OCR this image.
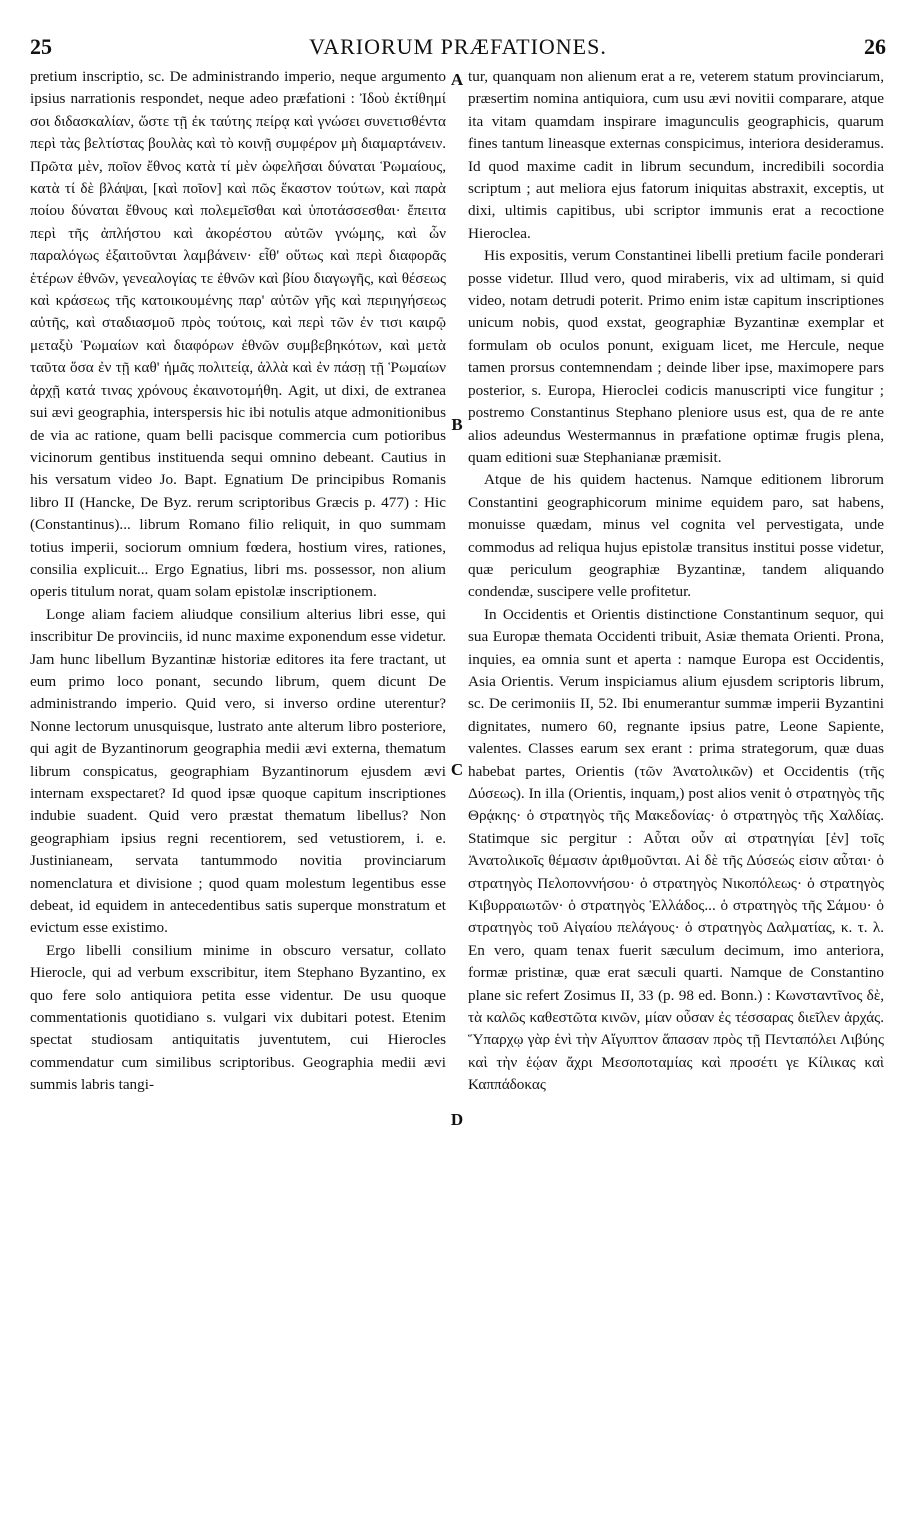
25	VARIORUM PRÆFATIONES.	26

pretium inscriptio, sc. De administrando imperio, neque argumento ipsius narrationis respondet, neque adeo præfationi : Ἰδοὺ ἐκτίθημί σοι διδασκαλίαν, ὥστε τῇ ἐκ ταύτης πείρᾳ καὶ γνώσει συνετισθέντα περὶ τὰς βελτίστας βουλὰς καὶ τὸ κοινῇ συμφέρον μὴ διαμαρτάνειν. Πρῶτα μὲν, ποῖον ἔθνος κατὰ τί μὲν ὠφελῆσαι δύναται Ῥωμαίους, κατὰ τί δὲ βλάψαι, [καὶ ποῖον] καὶ πῶς ἕκαστον τούτων, καὶ παρὰ ποίου δύναται ἔθνους καὶ πολεμεῖσθαι καὶ ὑποτάσσεσθαι· ἔπειτα περὶ τῆς ἀπλήστου καὶ ἀκορέστου αὐτῶν γνώμης, καὶ ὧν παραλόγως ἐξαιτοῦνται λαμβάνειν· εἶθ' οὕτως καὶ περὶ διαφορᾶς ἑτέρων ἐθνῶν, γενεαλογίας τε ἐθνῶν καὶ βίου διαγωγῆς, καὶ θέσεως καὶ κράσεως τῆς κατοικουμένης παρ' αὐτῶν γῆς καὶ περιηγήσεως αὐτῆς, καὶ σταδιασμοῦ πρὸς τούτοις, καὶ περὶ τῶν ἐν τισι καιρῷ μεταξὺ Ῥωμαίων καὶ διαφόρων ἐθνῶν συμβεβηκότων, καὶ μετὰ ταῦτα ὅσα ἐν τῇ καθ' ἡμᾶς πολιτείᾳ, ἀλλὰ καὶ ἐν πάσῃ τῇ Ῥωμαίων ἀρχῇ κατά τινας χρόνους ἐκαινοτομήθη. Agit, ut dixi, de extranea sui ævi geographia, interspersis hic ibi notulis atque admonitionibus de via ac ratione, quam belli pacisque commercia cum potioribus vicinorum gentibus instituenda sequi omnino debeant. Cautius in his versatum video Jo. Bapt. Egnatium De principibus Romanis libro II (Hancke, De Byz. rerum scriptoribus Græcis p. 477) : Hic (Constantinus)... librum Romano filio reliquit, in quo summam totius imperii, sociorum omnium fœdera, hostium vires, rationes, consilia explicuit... Ergo Egnatius, libri ms. possessor, non alium operis titulum norat, quam solam epistolæ inscriptionem.

Longe aliam faciem aliudque consilium alterius libri esse, qui inscribitur De provinciis, id nunc maxime exponendum esse videtur. Jam hunc libellum Byzantinæ historiæ editores ita fere tractant, ut eum primo loco ponant, secundo librum, quem dicunt De administrando imperio. Quid vero, si inverso ordine uterentur? Nonne lectorum unusquisque, lustrato ante alterum libro posteriore, qui agit de Byzantinorum geographia medii ævi externa, thematum librum conspicatus, geographiam Byzantinorum ejusdem ævi internam exspectaret? Id quod ipsæ quoque capitum inscriptiones indubie suadent. Quid vero præstat thematum libellus? Non geographiam ipsius regni recentiorem, sed vetustiorem, i. e. Justinianeam, servata tantummodo novitia provinciarum nomenclatura et divisione ; quod quam molestum legentibus esse debeat, id equidem in antecedentibus satis superque monstratum et evictum esse existimo.

Ergo libelli consilium minime in obscuro versatur, collato Hierocle, qui ad verbum exscribitur, item Stephano Byzantino, ex quo fere solo antiquiora petita esse videntur. De usu quoque commentationis quotidiano s. vulgari vix dubitari potest. Etenim spectat studiosam antiquitatis juventutem, cui Hierocles commendatur cum similibus scriptoribus. Geographia medii ævi summis labris tangi-

A
B
C
D

tur, quanquam non alienum erat a re, veterem statum provinciarum, præsertim nomina antiquiora, cum usu ævi novitii comparare, atque ita vitam quamdam inspirare imagunculis geographicis, quarum fines tantum lineasque externas conspicimus, interiora desideramus. Id quod maxime cadit in librum secundum, incredibili socordia scriptum ; aut meliora ejus fatorum iniquitas abstraxit, exceptis, ut dixi, ultimis capitibus, ubi scriptor immunis erat a recoctione Hieroclea.

His expositis, verum Constantinei libelli pretium facile ponderari posse videtur. Illud vero, quod miraberis, vix ad ultimam, si quid video, notam detrudi poterit. Primo enim istæ capitum inscriptiones unicum nobis, quod exstat, geographiæ Byzantinæ exemplar et formulam ob oculos ponunt, exiguam licet, me Hercule, neque tamen prorsus contemnendam ; deinde liber ipse, maximopere pars posterior, s. Europa, Hieroclei codicis manuscripti vice fungitur ; postremo Constantinus Stephano pleniore usus est, qua de re ante alios adeundus Westermannus in præfatione optimæ frugis plena, quam editioni suæ Stephanianæ præmisit.

Atque de his quidem hactenus. Namque editionem librorum Constantini geographicorum minime equidem paro, sat habens, monuisse quædam, minus vel cognita vel pervestigata, unde commodus ad reliqua hujus epistolæ transitus institui posse videtur, quæ periculum geographiæ Byzantinæ, tandem aliquando condendæ, suscipere velle profitetur.

In Occidentis et Orientis distinctione Constantinum sequor, qui sua Europæ themata Occidenti tribuit, Asiæ themata Orienti. Prona, inquies, ea omnia sunt et aperta : namque Europa est Occidentis, Asia Orientis. Verum inspiciamus alium ejusdem scriptoris librum, sc. De cerimoniis II, 52. Ibi enumerantur summæ imperii Byzantini dignitates, numero 60, regnante ipsius patre, Leone Sapiente, valentes. Classes earum sex erant : prima strategorum, quæ duas habebat partes, Orientis (τῶν Ἀνατολικῶν) et Occidentis (τῆς Δύσεως). In illa (Orientis, inquam,) post alios venit ὁ στρατηγὸς τῆς Θρᾴκης· ὁ στρατηγὸς τῆς Μακεδονίας· ὁ στρατηγὸς τῆς Χαλδίας. Statimque sic pergitur : Αὗται οὖν αἱ στρατηγίαι [ἐν] τοῖς Ἀνατολικοῖς θέμασιν ἀριθμοῦνται. Αἱ δὲ τῆς Δύσεώς εἰσιν αὗται· ὁ στρατηγὸς Πελοποννήσου· ὁ στρατηγὸς Νικοπόλεως· ὁ στρατηγὸς Κιβυρραιωτῶν· ὁ στρατηγὸς Ἑλλάδος... ὁ στρατηγὸς τῆς Σάμου· ὁ στρατηγὸς τοῦ Αἰγαίου πελάγους· ὁ στρατηγὸς Δαλματίας, κ. τ. λ. En vero, quam tenax fuerit sæculum decimum, imo anteriora, formæ pristinæ, quæ erat sæculi quarti. Namque de Constantino plane sic refert Zosimus II, 33 (p. 98 ed. Bonn.) : Κωνσταντῖνος δὲ, τὰ καλῶς καθεστῶτα κινῶν, μίαν οὖσαν ἐς τέσσαρας διεῖλεν ἀρχάς. Ὕπαρχῳ γὰρ ἑνὶ τὴν Αἴγυπτον ἅπασαν πρὸς τῇ Πενταπόλει Λιβύης καὶ τὴν ἑῴαν ἄχρι Μεσοποταμίας καὶ προσέτι γε Κίλικας καὶ Καππάδοκας
